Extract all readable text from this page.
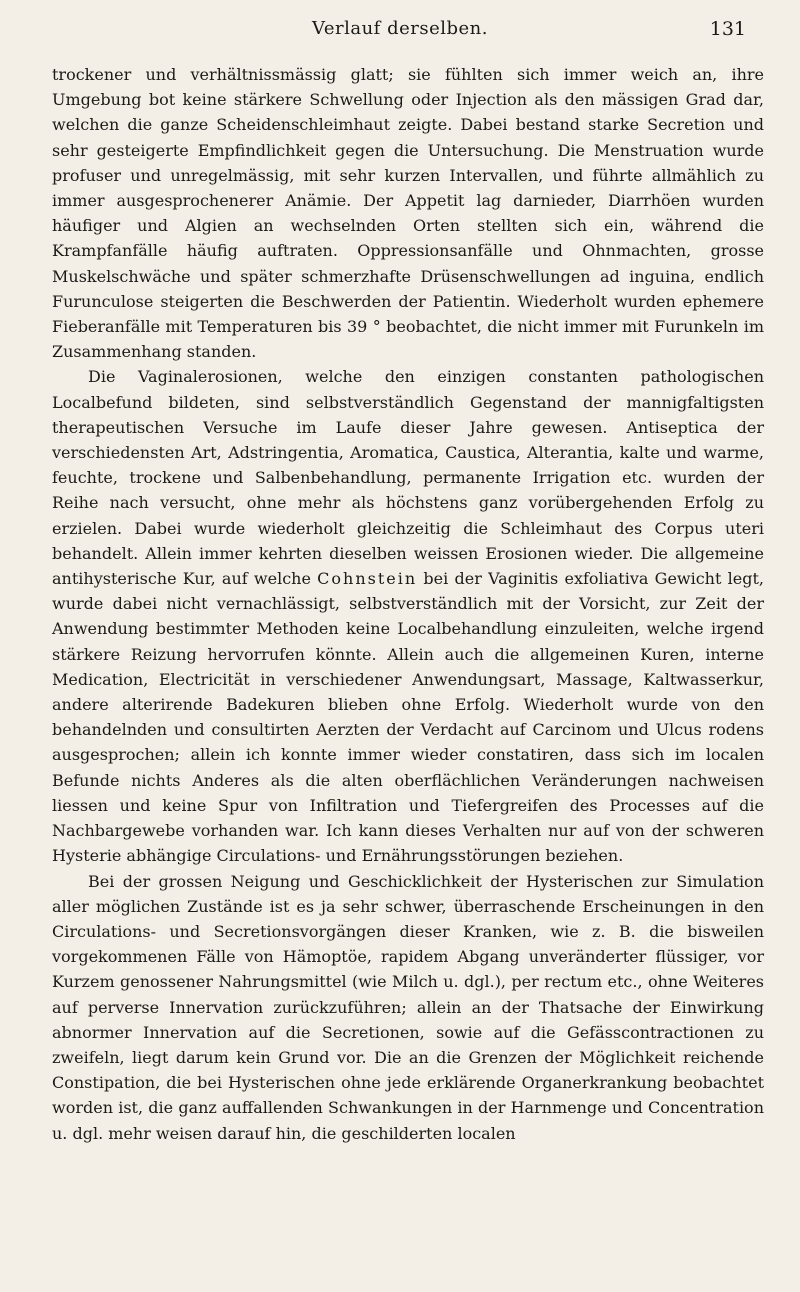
Verlauf derselben.	131

trockener und verhältnissmässig glatt; sie fühlten sich immer weich an, ihre Umgebung bot keine stärkere Schwellung oder Injection als den mässigen Grad dar, welchen die ganze Scheidenschleimhaut zeigte. Dabei bestand starke Secretion und sehr gesteigerte Empfindlichkeit gegen die Untersuchung. Die Menstruation wurde profuser und unregelmässig, mit sehr kurzen Intervallen, und führte allmählich zu immer ausgesprochenerer Anämie. Der Appetit lag darnieder, Diarrhöen wurden häufiger und Algien an wechselnden Orten stellten sich ein, während die Krampfanfälle häufig auftraten. Oppressionsanfälle und Ohnmachten, grosse Muskelschwäche und später schmerzhafte Drüsenschwellungen ad inguina, endlich Furunculose steigerten die Beschwerden der Patientin. Wiederholt wurden ephemere Fieberanfälle mit Temperaturen bis 39 ° beobachtet, die nicht immer mit Furunkeln im Zusammenhang standen.

Die Vaginalerosionen, welche den einzigen constanten pathologischen Localbefund bildeten, sind selbstverständlich Gegenstand der mannigfaltigsten therapeutischen Versuche im Laufe dieser Jahre gewesen. Antiseptica der verschiedensten Art, Adstringentia, Aromatica, Caustica, Alterantia, kalte und warme, feuchte, trockene und Salbenbehandlung, permanente Irrigation etc. wurden der Reihe nach versucht, ohne mehr als höchstens ganz vorübergehenden Erfolg zu erzielen. Dabei wurde wiederholt gleichzeitig die Schleimhaut des Corpus uteri behandelt. Allein immer kehrten dieselben weissen Erosionen wieder. Die allgemeine antihysterische Kur, auf welche Cohnstein bei der Vaginitis exfoliativa Gewicht legt, wurde dabei nicht vernachlässigt, selbstverständlich mit der Vorsicht, zur Zeit der Anwendung bestimmter Methoden keine Localbehandlung einzuleiten, welche irgend stärkere Reizung hervorrufen könnte. Allein auch die allgemeinen Kuren, interne Medication, Electricität in verschiedener Anwendungsart, Massage, Kaltwasserkur, andere alterirende Badekuren blieben ohne Erfolg. Wiederholt wurde von den behandelnden und consultirten Aerzten der Verdacht auf Carcinom und Ulcus rodens ausgesprochen; allein ich konnte immer wieder constatiren, dass sich im localen Befunde nichts Anderes als die alten oberflächlichen Veränderungen nachweisen liessen und keine Spur von Infiltration und Tiefergreifen des Processes auf die Nachbargewebe vorhanden war. Ich kann dieses Verhalten nur auf von der schweren Hysterie abhängige Circulations- und Ernährungsstörungen beziehen.

Bei der grossen Neigung und Geschicklichkeit der Hysterischen zur Simulation aller möglichen Zustände ist es ja sehr schwer, überraschende Erscheinungen in den Circulations- und Secretionsvorgängen dieser Kranken, wie z. B. die bisweilen vorgekommenen Fälle von Hämoptöe, rapidem Abgang unveränderter flüssiger, vor Kurzem genossener Nahrungsmittel (wie Milch u. dgl.), per rectum etc., ohne Weiteres auf perverse Innervation zurückzuführen; allein an der Thatsache der Einwirkung abnormer Innervation auf die Secretionen, sowie auf die Gefässcontractionen zu zweifeln, liegt darum kein Grund vor. Die an die Grenzen der Möglichkeit reichende Constipation, die bei Hysterischen ohne jede erklärende Organerkrankung beobachtet worden ist, die ganz auffallenden Schwankungen in der Harnmenge und Concentration u. dgl. mehr weisen darauf hin, die geschilderten localen
